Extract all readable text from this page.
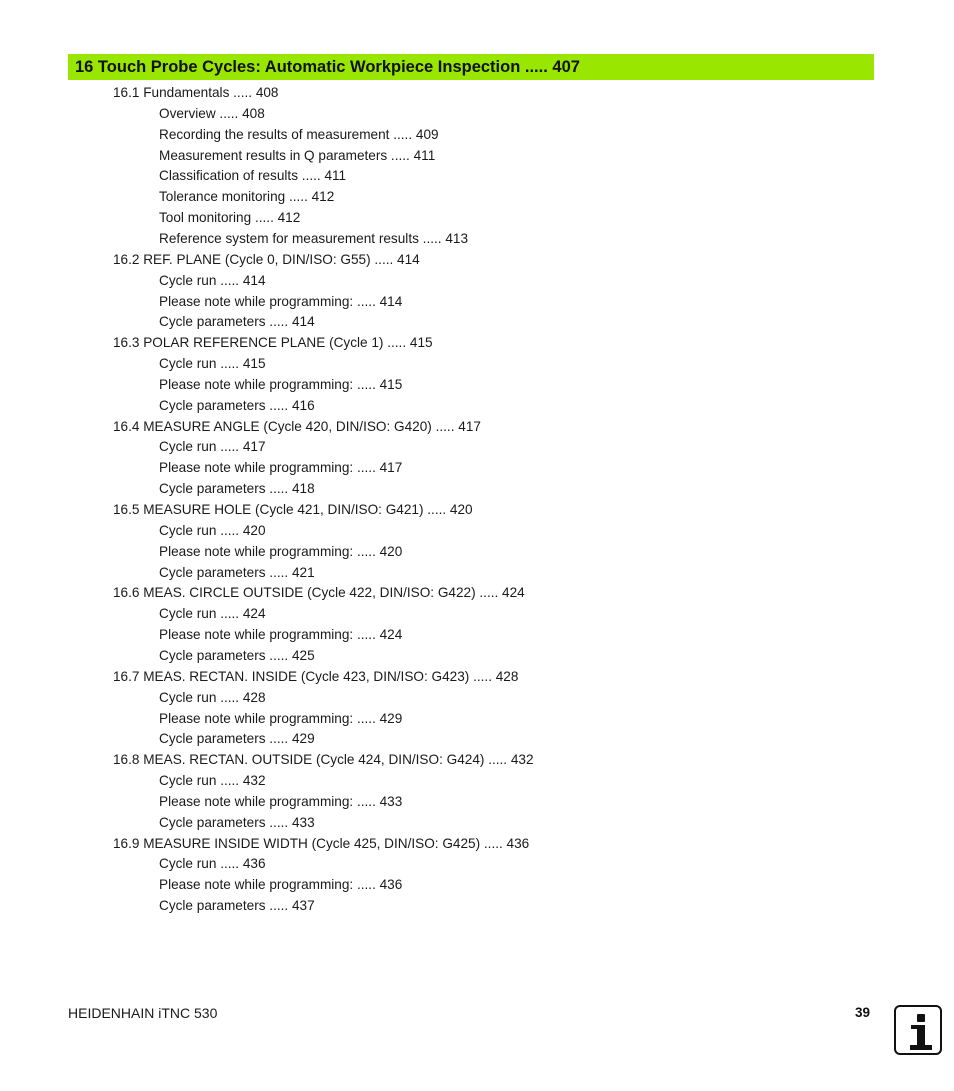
16 Touch Probe Cycles: Automatic Workpiece Inspection ..... 407
16.1 Fundamentals ..... 408
Overview ..... 408
Recording the results of measurement ..... 409
Measurement results in Q parameters ..... 411
Classification of results ..... 411
Tolerance monitoring ..... 412
Tool monitoring ..... 412
Reference system for measurement results ..... 413
16.2 REF. PLANE (Cycle 0, DIN/ISO: G55) ..... 414
Cycle run ..... 414
Please note while programming: ..... 414
Cycle parameters ..... 414
16.3 POLAR REFERENCE PLANE (Cycle 1) ..... 415
Cycle run ..... 415
Please note while programming: ..... 415
Cycle parameters ..... 416
16.4 MEASURE ANGLE (Cycle 420, DIN/ISO: G420) ..... 417
Cycle run ..... 417
Please note while programming: ..... 417
Cycle parameters ..... 418
16.5 MEASURE HOLE (Cycle 421, DIN/ISO: G421) ..... 420
Cycle run ..... 420
Please note while programming: ..... 420
Cycle parameters ..... 421
16.6 MEAS. CIRCLE OUTSIDE (Cycle 422, DIN/ISO: G422) ..... 424
Cycle run ..... 424
Please note while programming: ..... 424
Cycle parameters ..... 425
16.7 MEAS. RECTAN. INSIDE (Cycle 423, DIN/ISO: G423) ..... 428
Cycle run ..... 428
Please note while programming: ..... 429
Cycle parameters ..... 429
16.8 MEAS. RECTAN. OUTSIDE (Cycle 424, DIN/ISO: G424) ..... 432
Cycle run ..... 432
Please note while programming: ..... 433
Cycle parameters ..... 433
16.9 MEASURE INSIDE WIDTH (Cycle 425, DIN/ISO: G425) ..... 436
Cycle run ..... 436
Please note while programming: ..... 436
Cycle parameters ..... 437
HEIDENHAIN iTNC 530	39
